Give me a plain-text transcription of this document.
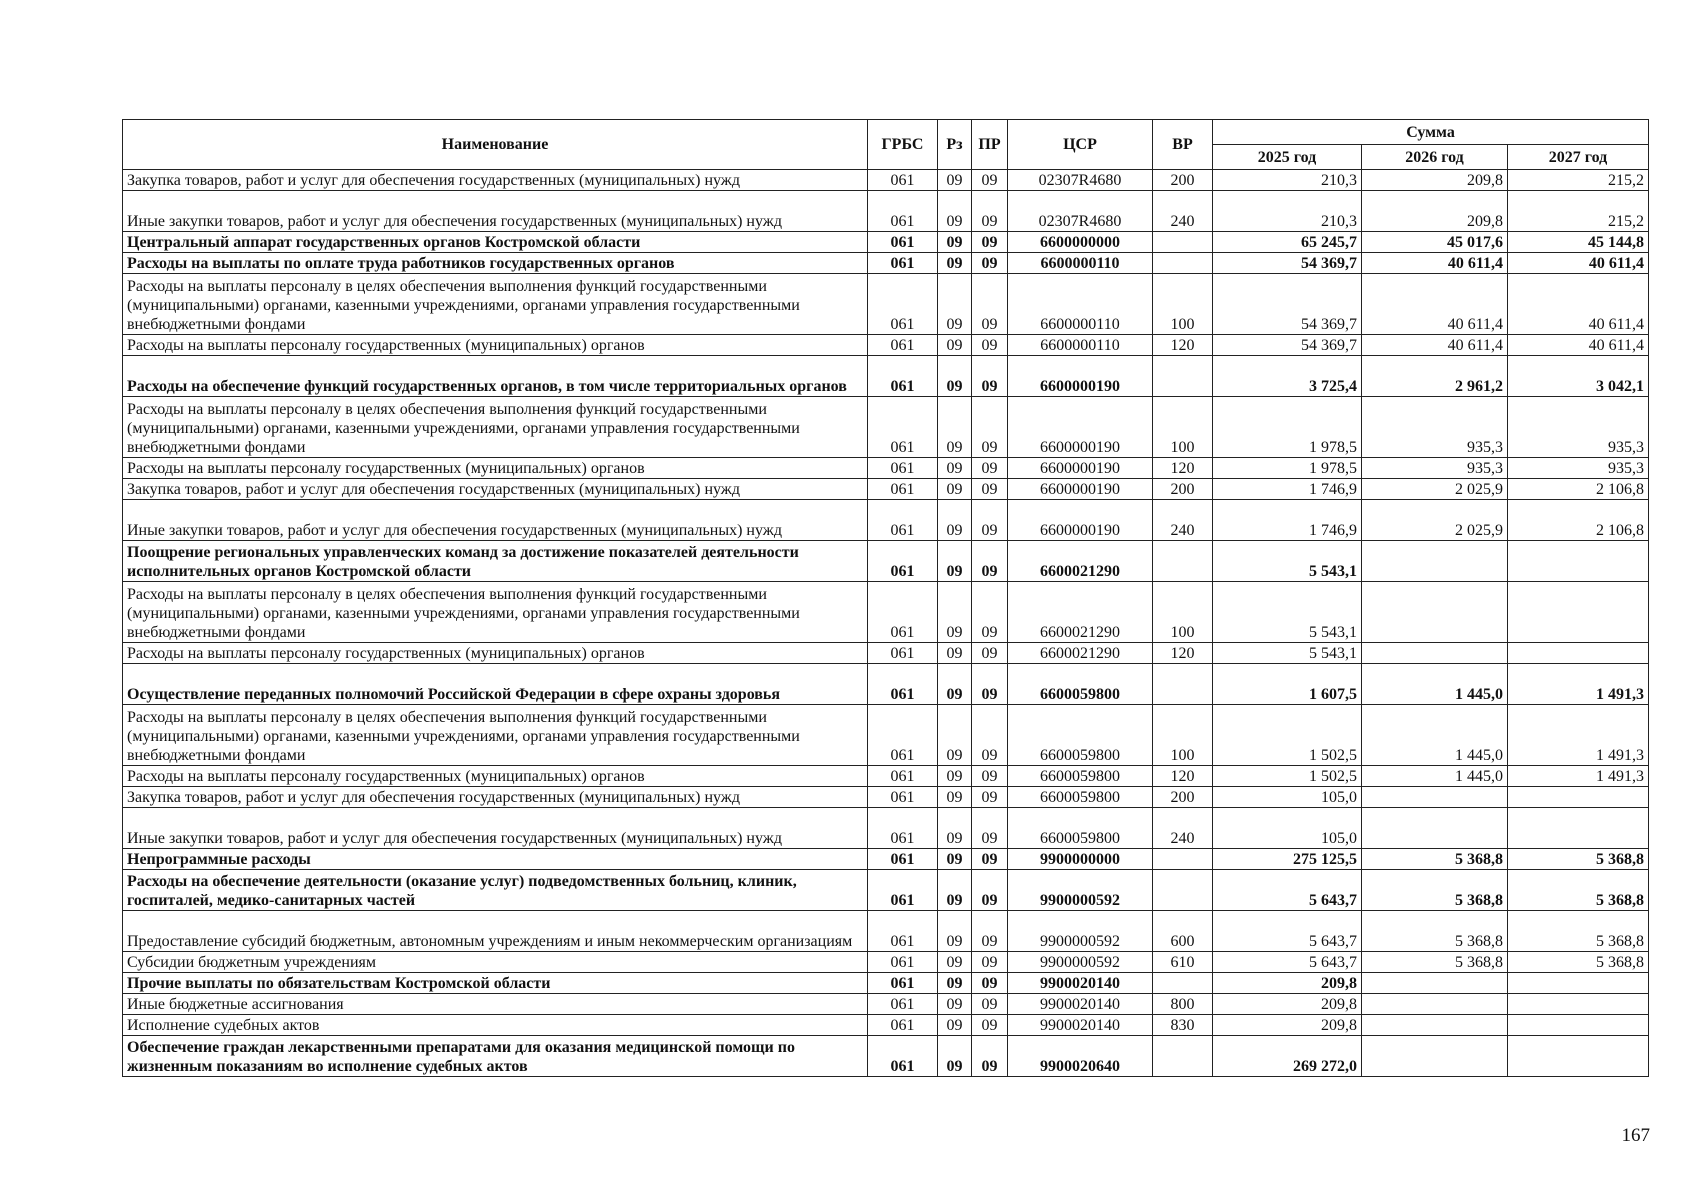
Наименование	ГРБС	Рз	ПР	ЦСР	ВР	Сумма		
						2025 год	2026 год	2027 год
Закупка товаров, работ и услуг для обеспечения государственных (муниципальных) нужд	061	09	09	02307R4680	200	210,3	209,8	215,2
Иные закупки товаров, работ и услуг для обеспечения государственных (муниципальных) нужд	061	09	09	02307R4680	240	210,3	209,8	215,2
Центральный аппарат государственных органов Костромской области	061	09	09	6600000000		65 245,7	45 017,6	45 144,8
Расходы на выплаты по оплате труда работников государственных органов	061	09	09	6600000110		54 369,7	40 611,4	40 611,4
Расходы на выплаты персоналу в целях обеспечения выполнения функций государственными (муниципальными) органами, казенными учреждениями, органами управления государственными внебюджетными фондами	061	09	09	6600000110	100	54 369,7	40 611,4	40 611,4
Расходы на выплаты персоналу государственных (муниципальных) органов	061	09	09	6600000110	120	54 369,7	40 611,4	40 611,4
Расходы на обеспечение функций государственных органов, в том числе территориальных органов	061	09	09	6600000190		3 725,4	2 961,2	3 042,1
Расходы на выплаты персоналу в целях обеспечения выполнения функций государственными (муниципальными) органами, казенными учреждениями, органами управления государственными внебюджетными фондами	061	09	09	6600000190	100	1 978,5	935,3	935,3
Расходы на выплаты персоналу государственных (муниципальных) органов	061	09	09	6600000190	120	1 978,5	935,3	935,3
Закупка товаров, работ и услуг для обеспечения государственных (муниципальных) нужд	061	09	09	6600000190	200	1 746,9	2 025,9	2 106,8
Иные закупки товаров, работ и услуг для обеспечения государственных (муниципальных) нужд	061	09	09	6600000190	240	1 746,9	2 025,9	2 106,8
Поощрение региональных управленческих команд за достижение показателей деятельности исполнительных органов Костромской области	061	09	09	6600021290		5 543,1		
Расходы на выплаты персоналу в целях обеспечения выполнения функций государственными (муниципальными) органами, казенными учреждениями, органами управления государственными внебюджетными фондами	061	09	09	6600021290	100	5 543,1		
Расходы на выплаты персоналу государственных (муниципальных) органов	061	09	09	6600021290	120	5 543,1		
Осуществление переданных полномочий Российской Федерации в сфере охраны здоровья	061	09	09	6600059800		1 607,5	1 445,0	1 491,3
Расходы на выплаты персоналу в целях обеспечения выполнения функций государственными (муниципальными) органами, казенными учреждениями, органами управления государственными внебюджетными фондами	061	09	09	6600059800	100	1 502,5	1 445,0	1 491,3
Расходы на выплаты персоналу государственных (муниципальных) органов	061	09	09	6600059800	120	1 502,5	1 445,0	1 491,3
Закупка товаров, работ и услуг для обеспечения государственных (муниципальных) нужд	061	09	09	6600059800	200	105,0		
Иные закупки товаров, работ и услуг для обеспечения государственных (муниципальных) нужд	061	09	09	6600059800	240	105,0		
Непрограммные расходы	061	09	09	9900000000		275 125,5	5 368,8	5 368,8
Расходы на обеспечение деятельности (оказание услуг) подведомственных больниц, клиник, госпиталей, медико-санитарных частей	061	09	09	9900000592		5 643,7	5 368,8	5 368,8
Предоставление субсидий бюджетным, автономным учреждениям и иным некоммерческим организациям	061	09	09	9900000592	600	5 643,7	5 368,8	5 368,8
Субсидии бюджетным учреждениям	061	09	09	9900000592	610	5 643,7	5 368,8	5 368,8
Прочие выплаты по обязательствам Костромской области	061	09	09	9900020140		209,8		
Иные бюджетные ассигнования	061	09	09	9900020140	800	209,8		
Исполнение судебных актов	061	09	09	9900020140	830	209,8		
Обеспечение граждан лекарственными препаратами для оказания медицинской помощи по жизненным показаниям во исполнение судебных актов	061	09	09	9900020640		269 272,0		
167
